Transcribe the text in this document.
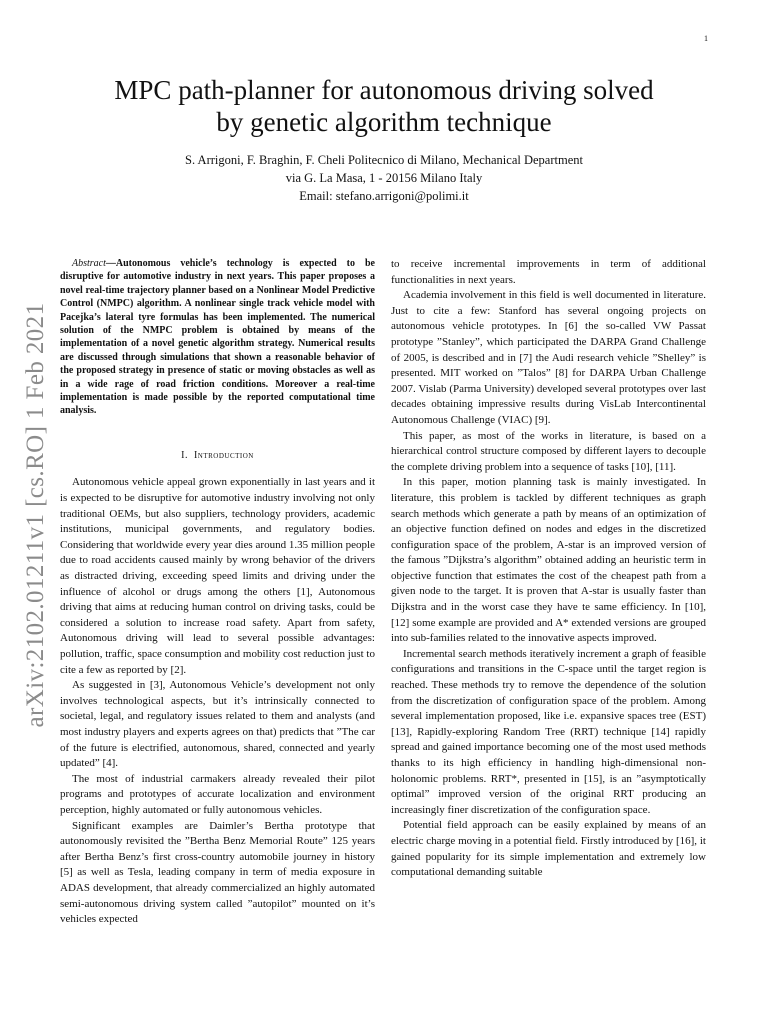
1
arXiv:2102.01211v1 [cs.RO] 1 Feb 2021
MPC path-planner for autonomous driving solved
by genetic algorithm technique
S. Arrigoni, F. Braghin, F. Cheli Politecnico di Milano, Mechanical Department
via G. La Masa, 1 - 20156 Milano Italy
Email: stefano.arrigoni@polimi.it

Abstract—Autonomous vehicle’s technology is expected to be disruptive for automotive industry in next years. This paper proposes a novel real-time trajectory planner based on a Nonlinear Model Predictive Control (NMPC) algorithm. A nonlinear single track vehicle model with Pacejka’s lateral tyre formulas has been implemented. The numerical solution of the NMPC problem is obtained by means of the implementation of a novel genetic algorithm strategy. Numerical results are discussed through simulations that shown a reasonable behavior of the proposed strategy in presence of static or moving obstacles as well as in a wide rage of road friction conditions. Moreover a real-time implementation is made possible by the reported computational time analysis.

I. Introduction

Autonomous vehicle appeal grown exponentially in last years and it is expected to be disruptive for automotive industry involving not only traditional OEMs, but also suppliers, technology providers, academic institutions, municipal governments, and regulatory bodies. Considering that worldwide every year dies around 1.35 million people due to road accidents caused mainly by wrong behavior of the drivers as distracted driving, exceeding speed limits and driving under the influence of alcohol or drugs among the others [1], Autonomous driving that aims at reducing human control on driving tasks, could be considered a solution to increase road safety. Apart from safety, Autonomous driving will lead to several possible advantages: pollution, traffic, space consumption and mobility cost reduction just to cite a few as reported by [2].

As suggested in [3], Autonomous Vehicle’s development not only involves technological aspects, but it’s intrinsically connected to societal, legal, and regulatory issues related to them and analysts (and most industry players and experts agrees on that) predicts that ”The car of the future is electrified, autonomous, shared, connected and yearly updated” [4].

The most of industrial carmakers already revealed their pilot programs and prototypes of accurate localization and environment perception, highly automated or fully autonomous vehicles.

Significant examples are Daimler’s Bertha prototype that autonomously revisited the ”Bertha Benz Memorial Route” 125 years after Bertha Benz’s first cross-country automobile journey in history [5] as well as Tesla, leading company in term of media exposure in ADAS development, that already commercialized an highly automated semi-autonomous driving system called ”autopilot” mounted on it’s vehicles expected

to receive incremental improvements in term of additional functionalities in next years.

Academia involvement in this field is well documented in literature. Just to cite a few: Stanford has several ongoing projects on autonomous vehicle prototypes. In [6] the so-called VW Passat prototype ”Stanley”, which participated the DARPA Grand Challenge of 2005, is described and in [7] the Audi research vehicle ”Shelley” is presented. MIT worked on ”Talos” [8] for DARPA Urban Challenge 2007. Vislab (Parma University) developed several prototypes over last decades obtaining impressive results during VisLab Intercontinental Autonomous Challenge (VIAC) [9].

This paper, as most of the works in literature, is based on a hierarchical control structure composed by different layers to decouple the complete driving problem into a sequence of tasks [10], [11].

In this paper, motion planning task is mainly investigated. In literature, this problem is tackled by different techniques as graph search methods which generate a path by means of an optimization of an objective function defined on nodes and edges in the discretized configuration space of the problem, A-star is an improved version of the famous ”Dijkstra’s algorithm” obtained adding an heuristic term in objective function that estimates the cost of the cheapest path from a given node to the target. It is proven that A-star is usually faster than Dijkstra and in the worst case they have te same efficiency. In [10], [12] some example are provided and A* extended versions are grouped into sub-families related to the innovative aspects improved.

Incremental search methods iteratively increment a graph of feasible configurations and transitions in the C-space until the target region is reached. These methods try to remove the dependence of the solution from the discretization of configuration space of the problem. Among several implementation proposed, like i.e. expansive spaces tree (EST) [13], Rapidly-exploring Random Tree (RRT) technique [14] rapidly spread and gained importance becoming one of the most used methods thanks to its high efficiency in handling high-dimensional non-holonomic problems. RRT*, presented in [15], is an ”asymptotically optimal” improved version of the original RRT producing an increasingly finer discretization of the configuration space.

Potential field approach can be easily explained by means of an electric charge moving in a potential field. Firstly introduced by [16], it gained popularity for its simple implementation and extremely low computational demanding suitable
